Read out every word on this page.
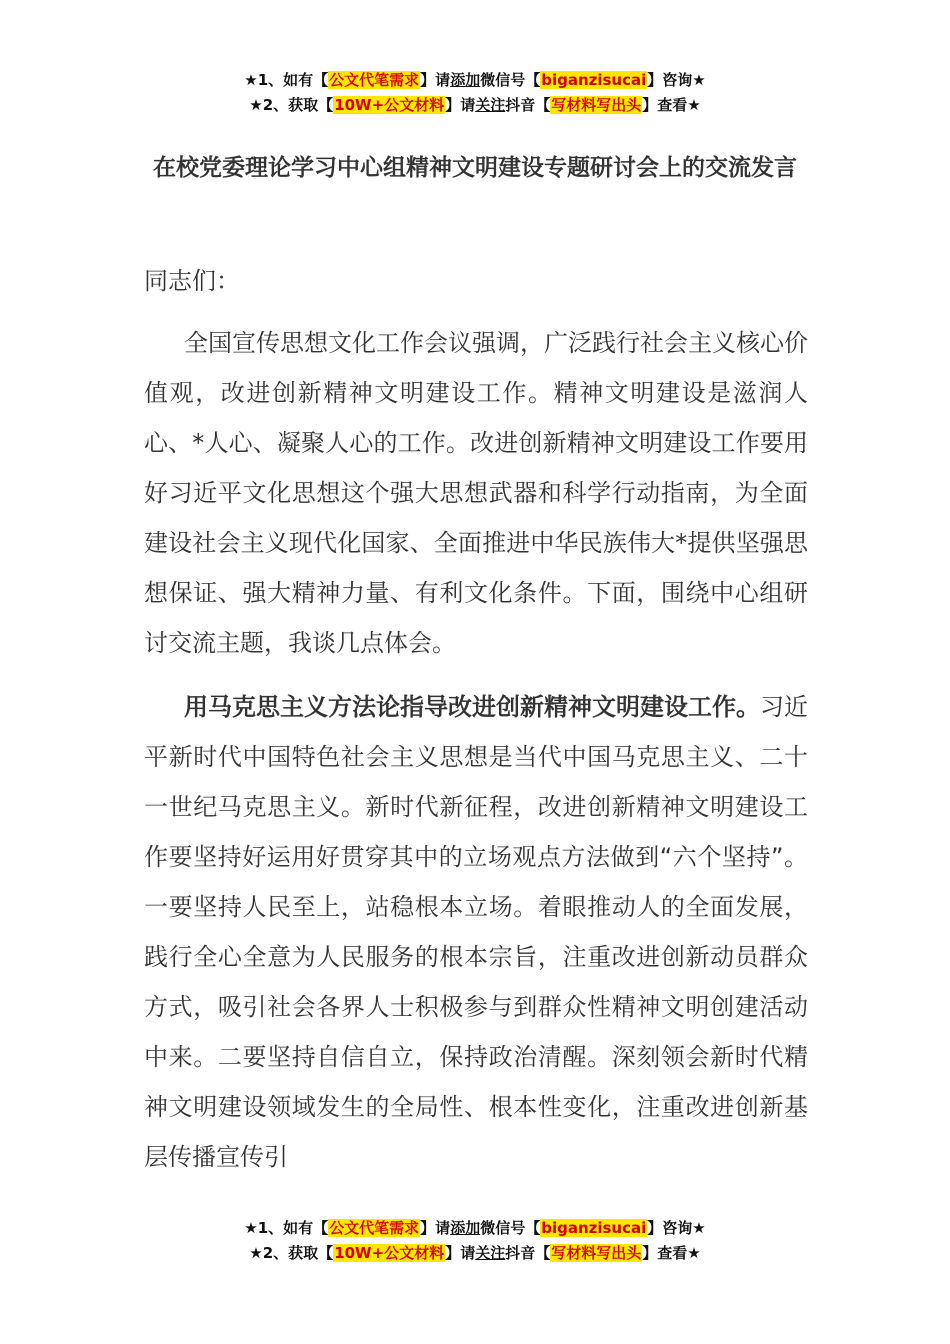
★1、如有【公文代笔需求】请添加微信号【biganzisucai】咨询★
★2、获取【10W+公文材料】请关注抖音【写材料写出头】查看★
在校党委理论学习中心组精神文明建设专题研讨会上的交流发言

同志们：

全国宣传思想文化工作会议强调，广泛践行社会主义核心价值观，改进创新精神文明建设工作。精神文明建设是滋润人心、*人心、凝聚人心的工作。改进创新精神文明建设工作要用好习近平文化思想这个强大思想武器和科学行动指南，为全面建设社会主义现代化国家、全面推进中华民族伟大*提供坚强思想保证、强大精神力量、有利文化条件。下面，围绕中心组研讨交流主题，我谈几点体会。

用马克思主义方法论指导改进创新精神文明建设工作。习近平新时代中国特色社会主义思想是当代中国马克思主义、二十一世纪马克思主义。新时代新征程，改进创新精神文明建设工作要坚持好运用好贯穿其中的立场观点方法做到“六个坚持”。一要坚持人民至上，站稳根本立场。着眼推动人的全面发展，践行全心全意为人民服务的根本宗旨，注重改进创新动员群众方式，吸引社会各界人士积极参与到群众性精神文明创建活动中来。二要坚持自信自立，保持政治清醒。深刻领会新时代精神文明建设领域发生的全局性、根本性变化，注重改进创新基层传播宣传引

★1、如有【公文代笔需求】请添加微信号【biganzisucai】咨询★
★2、获取【10W+公文材料】请关注抖音【写材料写出头】查看★
